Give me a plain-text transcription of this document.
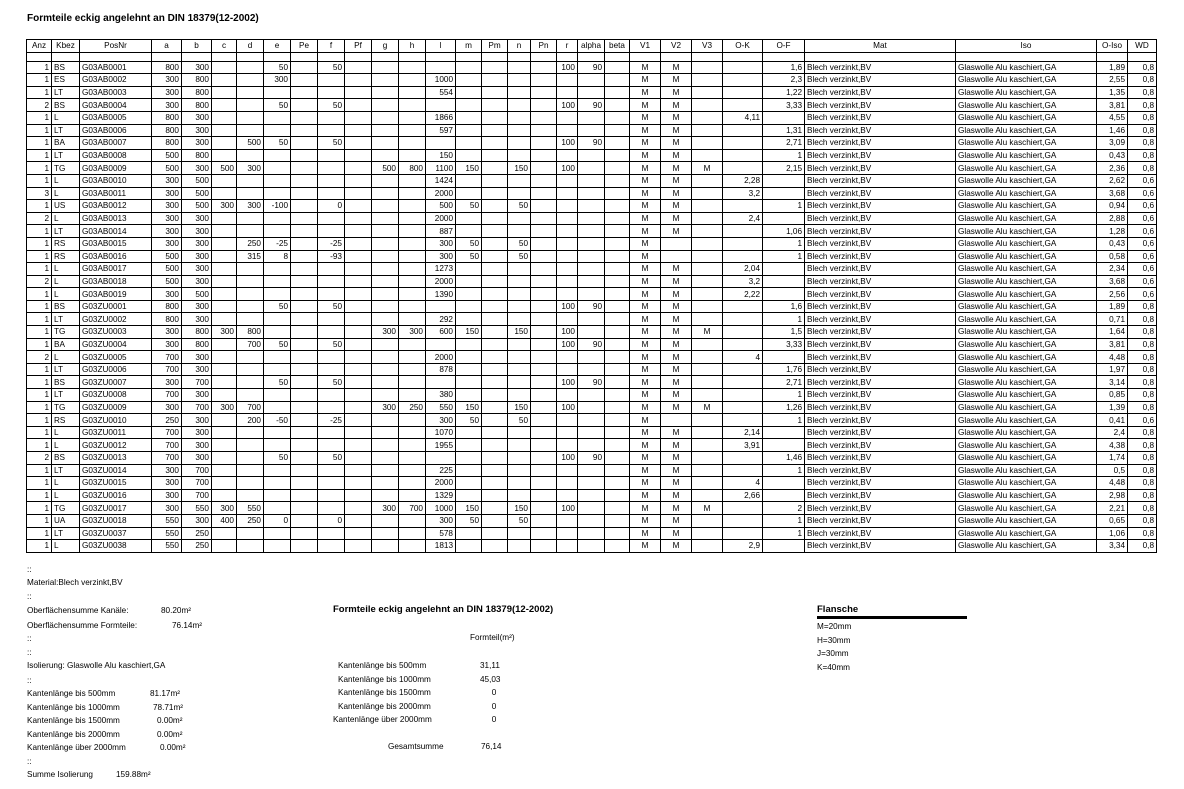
Formteile eckig angelehnt an DIN 18379(12-2002)
Anz	Kbez	PosNr	a	b	c	d	e	Pe	f	Pf	g	h	l	m	Pm	n	Pn	r	alpha	beta	V1	V2	V3	O-K	O-F	Mat	Iso	O-Iso	WD

1	BS	G03AB0001	800	300			50		50									100	90		M	M			1,6	Blech verzinkt,BV	Glaswolle Alu kaschiert,GA	1,89	0,8
1	ES	G03AB0002	300	800			300						1000								M	M			2,3	Blech verzinkt,BV	Glaswolle Alu kaschiert,GA	2,55	0,8
1	LT	G03AB0003	300	800									554								M	M			1,22	Blech verzinkt,BV	Glaswolle Alu kaschiert,GA	1,35	0,8
2	BS	G03AB0004	300	800			50		50									100	90		M	M			3,33	Blech verzinkt,BV	Glaswolle Alu kaschiert,GA	3,81	0,8
1	L	G03AB0005	800	300									1866								M	M		4,11		Blech verzinkt,BV	Glaswolle Alu kaschiert,GA	4,55	0,8
1	LT	G03AB0006	800	300									597								M	M			1,31	Blech verzinkt,BV	Glaswolle Alu kaschiert,GA	1,46	0,8
1	BA	G03AB0007	800	300		500	50		50									100	90		M	M			2,71	Blech verzinkt,BV	Glaswolle Alu kaschiert,GA	3,09	0,8
1	LT	G03AB0008	500	800									150								M	M			1	Blech verzinkt,BV	Glaswolle Alu kaschiert,GA	0,43	0,8
1	TG	G03AB0009	500	300	500	300					500	800	1100	150		150		100			M	M	M		2,15	Blech verzinkt,BV	Glaswolle Alu kaschiert,GA	2,36	0,8
1	L	G03AB0010	300	500									1424								M	M		2,28		Blech verzinkt,BV	Glaswolle Alu kaschiert,GA	2,62	0,6
3	L	G03AB0011	300	500									2000								M	M		3,2		Blech verzinkt,BV	Glaswolle Alu kaschiert,GA	3,68	0,6
1	US	G03AB0012	300	500	300	300	-100		0				500	50		50					M	M			1	Blech verzinkt,BV	Glaswolle Alu kaschiert,GA	0,94	0,6
2	L	G03AB0013	300	300									2000								M	M		2,4		Blech verzinkt,BV	Glaswolle Alu kaschiert,GA	2,88	0,6
1	LT	G03AB0014	300	300									887								M	M			1,06	Blech verzinkt,BV	Glaswolle Alu kaschiert,GA	1,28	0,6
1	RS	G03AB0015	300	300		250	-25		-25				300	50		50					M				1	Blech verzinkt,BV	Glaswolle Alu kaschiert,GA	0,43	0,6
1	RS	G03AB0016	500	300		315	8		-93				300	50		50					M				1	Blech verzinkt,BV	Glaswolle Alu kaschiert,GA	0,58	0,6
1	L	G03AB0017	500	300									1273								M	M		2,04		Blech verzinkt,BV	Glaswolle Alu kaschiert,GA	2,34	0,6
2	L	G03AB0018	500	300									2000								M	M		3,2		Blech verzinkt,BV	Glaswolle Alu kaschiert,GA	3,68	0,6
1	L	G03AB0019	300	500									1390								M	M		2,22		Blech verzinkt,BV	Glaswolle Alu kaschiert,GA	2,56	0,6
1	BS	G03ZU0001	800	300			50		50									100	90		M	M			1,6	Blech verzinkt,BV	Glaswolle Alu kaschiert,GA	1,89	0,8
1	LT	G03ZU0002	800	300									292								M	M			1	Blech verzinkt,BV	Glaswolle Alu kaschiert,GA	0,71	0,8
1	TG	G03ZU0003	300	800	300	800					300	300	600	150		150		100			M	M	M		1,5	Blech verzinkt,BV	Glaswolle Alu kaschiert,GA	1,64	0,8
1	BA	G03ZU0004	300	800		700	50		50									100	90		M	M			3,33	Blech verzinkt,BV	Glaswolle Alu kaschiert,GA	3,81	0,8
2	L	G03ZU0005	700	300									2000								M	M		4		Blech verzinkt,BV	Glaswolle Alu kaschiert,GA	4,48	0,8
1	LT	G03ZU0006	700	300									878								M	M			1,76	Blech verzinkt,BV	Glaswolle Alu kaschiert,GA	1,97	0,8
1	BS	G03ZU0007	300	700			50		50									100	90		M	M			2,71	Blech verzinkt,BV	Glaswolle Alu kaschiert,GA	3,14	0,8
1	LT	G03ZU0008	700	300									380								M	M			1	Blech verzinkt,BV	Glaswolle Alu kaschiert,GA	0,85	0,8
1	TG	G03ZU0009	300	700	300	700					300	250	550	150		150		100			M	M	M		1,26	Blech verzinkt,BV	Glaswolle Alu kaschiert,GA	1,39	0,8
1	RS	G03ZU0010	250	300		200	-50		-25				300	50		50					M				1	Blech verzinkt,BV	Glaswolle Alu kaschiert,GA	0,41	0,6
1	L	G03ZU0011	700	300									1070								M	M		2,14		Blech verzinkt,BV	Glaswolle Alu kaschiert,GA	2,4	0,8
1	L	G03ZU0012	700	300									1955								M	M		3,91		Blech verzinkt,BV	Glaswolle Alu kaschiert,GA	4,38	0,8
2	BS	G03ZU0013	700	300			50		50									100	90		M	M			1,46	Blech verzinkt,BV	Glaswolle Alu kaschiert,GA	1,74	0,8
1	LT	G03ZU0014	300	700									225								M	M			1	Blech verzinkt,BV	Glaswolle Alu kaschiert,GA	0,5	0,8
1	L	G03ZU0015	300	700									2000								M	M		4		Blech verzinkt,BV	Glaswolle Alu kaschiert,GA	4,48	0,8
1	L	G03ZU0016	300	700									1329								M	M		2,66		Blech verzinkt,BV	Glaswolle Alu kaschiert,GA	2,98	0,8
1	TG	G03ZU0017	300	550	300	550					300	700	1000	150		150		100			M	M	M		2	Blech verzinkt,BV	Glaswolle Alu kaschiert,GA	2,21	0,8
1	UA	G03ZU0018	550	300	400	250	0		0				300	50		50					M	M			1	Blech verzinkt,BV	Glaswolle Alu kaschiert,GA	0,65	0,8
1	LT	G03ZU0037	550	250									578								M	M			1	Blech verzinkt,BV	Glaswolle Alu kaschiert,GA	1,06	0,8
1	L	G03ZU0038	550	250									1813								M	M		2,9		Blech verzinkt,BV	Glaswolle Alu kaschiert,GA	3,34	0,8
::
Material:Blech verzinkt,BV
::
Oberflächensumme Kanäle:	80.20m²
Oberflächensumme Formteile:	76.14m²
::
::
Isolierung: Glaswolle Alu kaschiert,GA
::
Kantenlänge bis 500mm	81.17m²
Kantenlänge bis 1000mm	78.71m²
Kantenlänge bis 1500mm	0.00m²
Kantenlänge bis 2000mm	0.00m²
Kantenlänge über 2000mm	0.00m²
::
Summe Isolierung	159.88m²
Formteile eckig angelehnt an DIN 18379(12-2002)
Formteil(m²)
Kantenlänge bis 500mm	31,11
Kantenlänge bis 1000mm	45,03
Kantenlänge bis 1500mm	0
Kantenlänge bis 2000mm	0
Kantenlänge über 2000mm	0
Gesamtsumme	76,14
Flansche
M=20mm
H=30mm
J=30mm
K=40mm
